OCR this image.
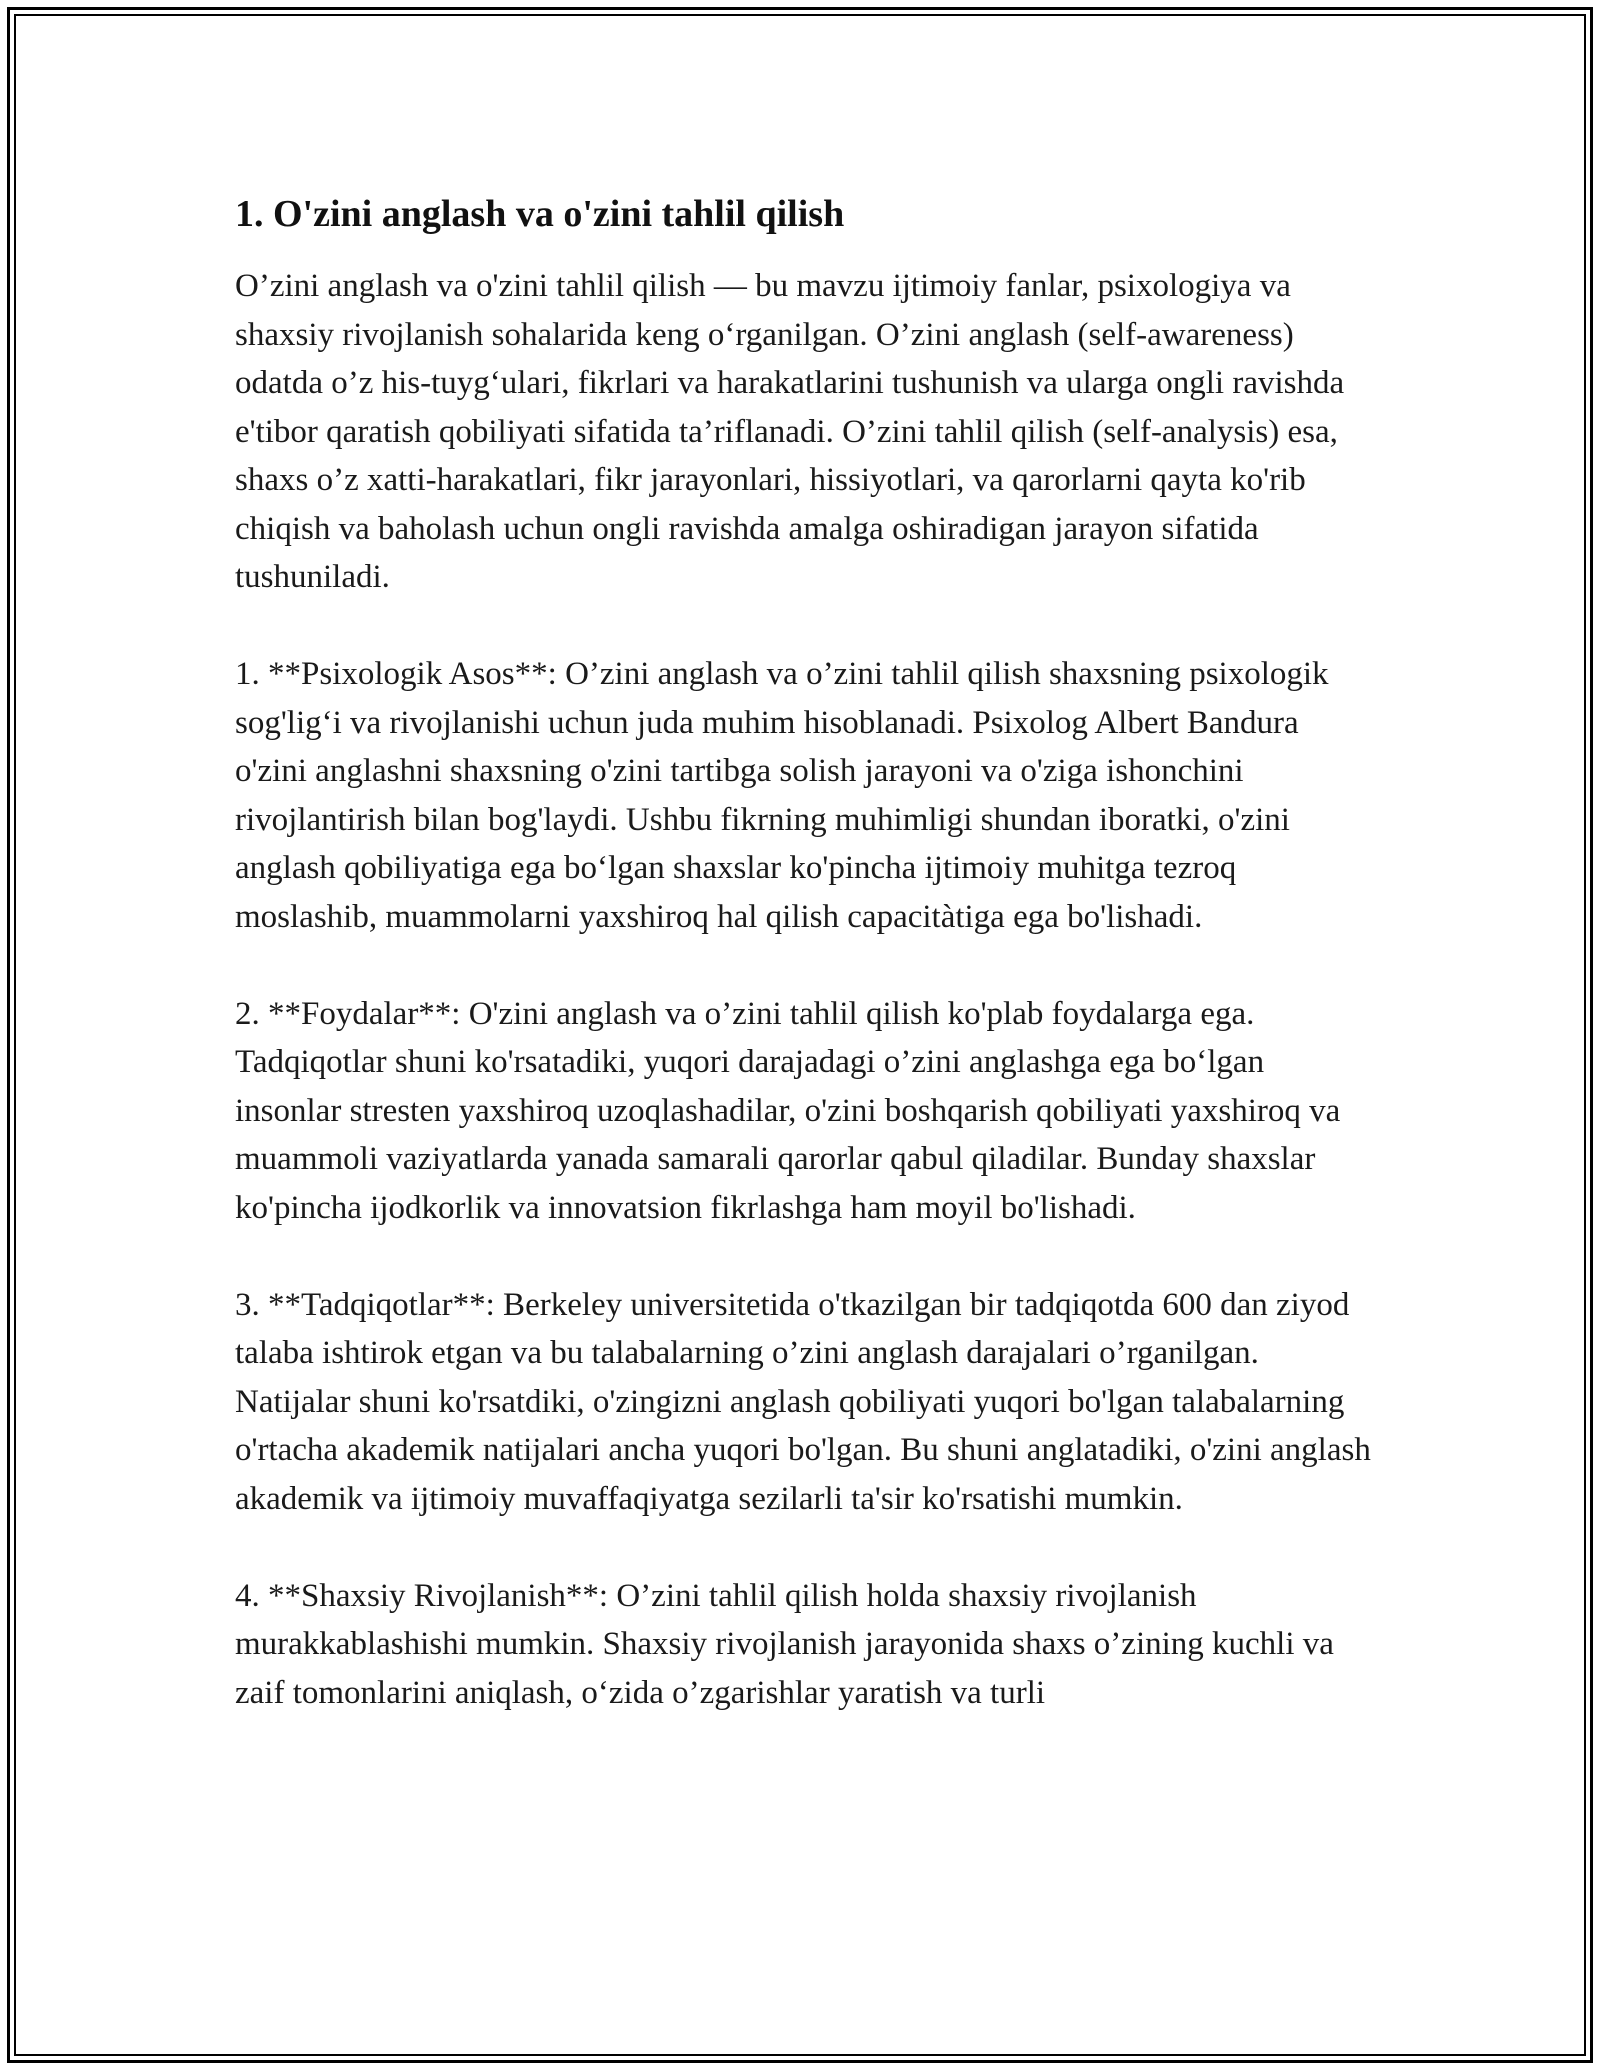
1. O'zini anglash va o'zini tahlil qilish

O’zini anglash va o'zini tahlil qilish — bu mavzu ijtimoiy fanlar, psixologiya va shaxsiy rivojlanish sohalarida keng o‘rganilgan. O’zini anglash (self-awareness) odatda o’z his-tuyg‘ulari, fikrlari va harakatlarini tushunish va ularga ongli ravishda e'tibor qaratish qobiliyati sifatida ta’riflanadi. O’zini tahlil qilish (self-analysis) esa, shaxs o’z xatti-harakatlari, fikr jarayonlari, hissiyotlari, va qarorlarni qayta ko'rib chiqish va baholash uchun ongli ravishda amalga oshiradigan jarayon sifatida tushuniladi.

1. **Psixologik Asos**: O’zini anglash va o’zini tahlil qilish shaxsning psixologik sog'lig‘i va rivojlanishi uchun juda muhim hisoblanadi. Psixolog Albert Bandura o'zini anglashni shaxsning o'zini tartibga solish jarayoni va o'ziga ishonchini rivojlantirish bilan bog'laydi. Ushbu fikrning muhimligi shundan iboratki, o'zini anglash qobiliyatiga ega bo‘lgan shaxslar ko'pincha ijtimoiy muhitga tezroq moslashib, muammolarni yaxshiroq hal qilish capacitàtiga ega bo'lishadi.

2. **Foydalar**: O'zini anglash va o’zini tahlil qilish ko'plab foydalarga ega. Tadqiqotlar shuni ko'rsatadiki, yuqori darajadagi o’zini anglashga ega bo‘lgan insonlar stresten yaxshiroq uzoqlashadilar, o'zini boshqarish qobiliyati yaxshiroq va muammoli vaziyatlarda yanada samarali qarorlar qabul qiladilar. Bunday shaxslar ko'pincha ijodkorlik va innovatsion fikrlashga ham moyil bo'lishadi.

3. **Tadqiqotlar**: Berkeley universitetida o'tkazilgan bir tadqiqotda 600 dan ziyod talaba ishtirok etgan va bu talabalarning o’zini anglash darajalari o’rganilgan. Natijalar shuni ko'rsatdiki, o'zingizni anglash qobiliyati yuqori bo'lgan talabalarning o'rtacha akademik natijalari ancha yuqori bo'lgan. Bu shuni anglatadiki, o'zini anglash akademik va ijtimoiy muvaffaqiyatga sezilarli ta'sir ko'rsatishi mumkin.

4. **Shaxsiy Rivojlanish**: O’zini tahlil qilish holda shaxsiy rivojlanish murakkablashishi mumkin. Shaxsiy rivojlanish jarayonida shaxs o’zining kuchli va zaif tomonlarini aniqlash, o‘zida o’zgarishlar yaratish va turli
